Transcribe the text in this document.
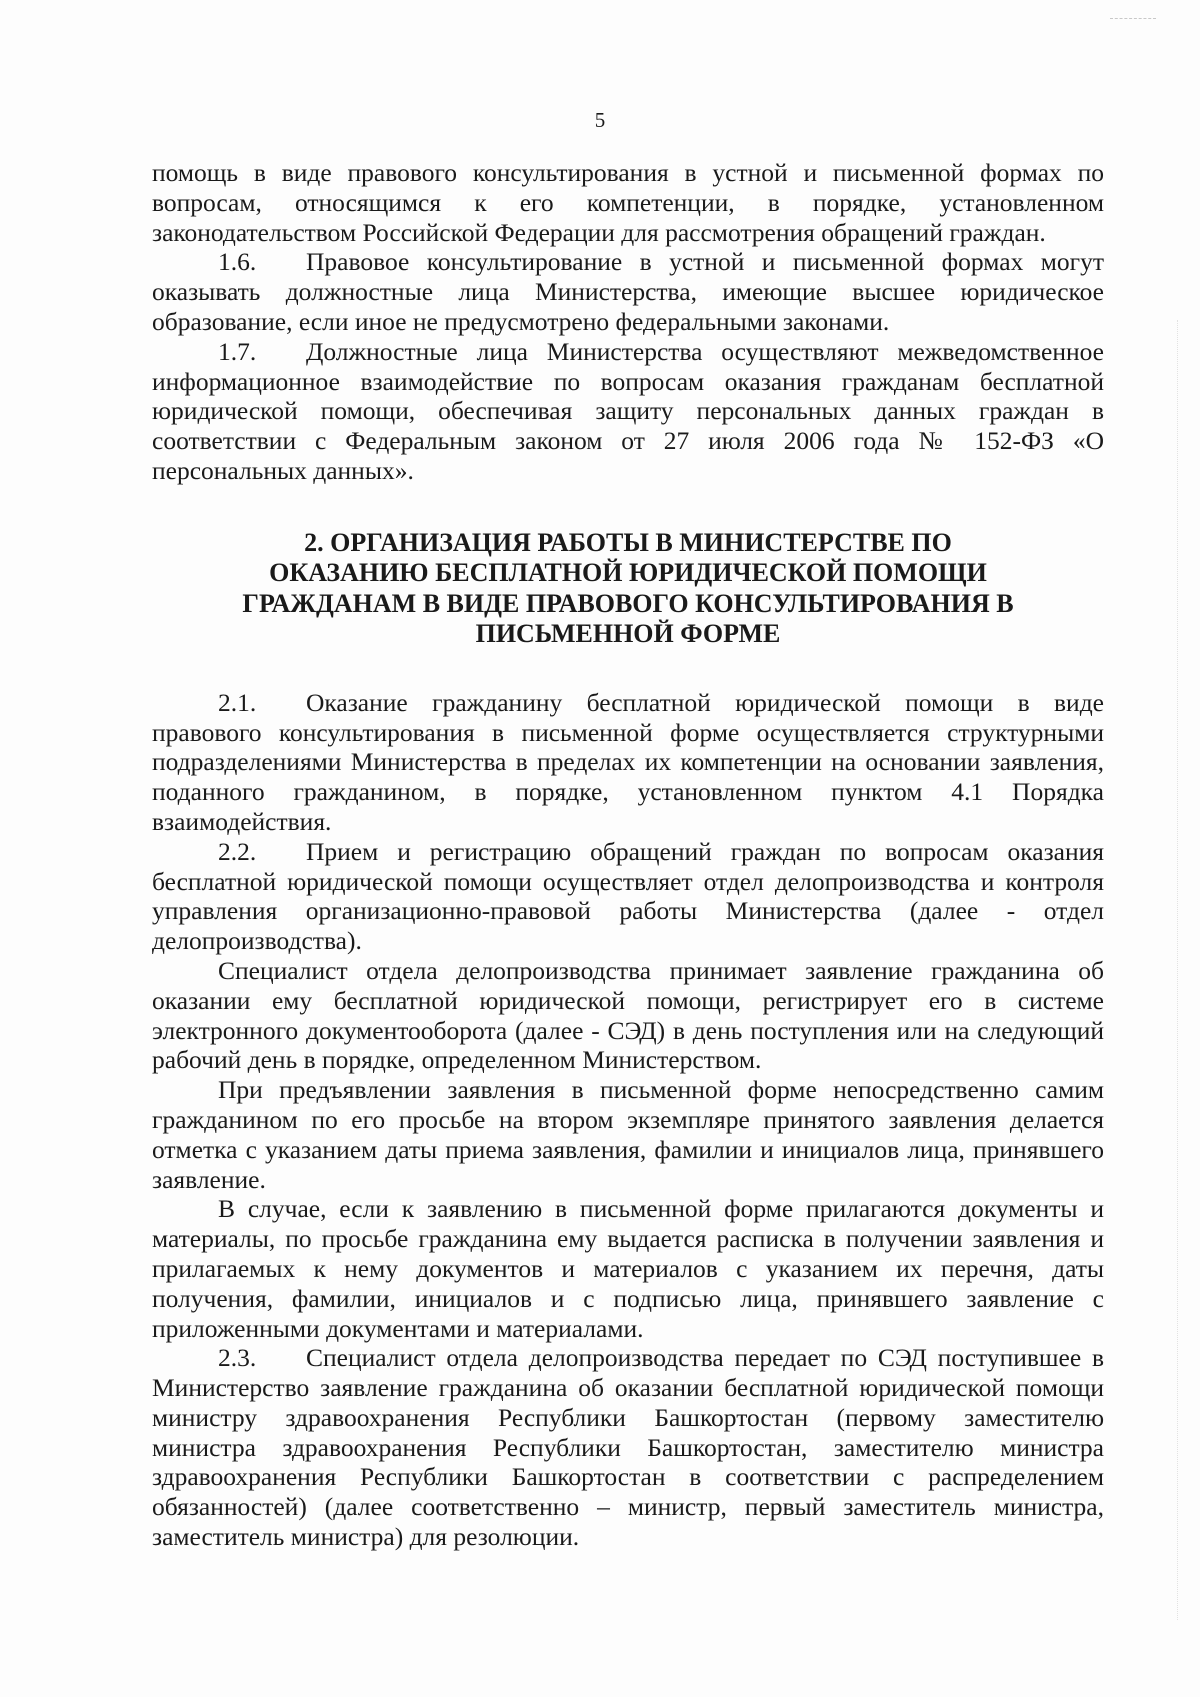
5

помощь в виде правового консультирования в устной и письменной формах по вопросам, относящимся к его компетенции, в порядке, установленном законодательством Российской Федерации для рассмотрения обращений граждан.

1.6. Правовое консультирование в устной и письменной формах могут оказывать должностные лица Министерства, имеющие высшее юридическое образование, если иное не предусмотрено федеральными законами.

1.7. Должностные лица Министерства осуществляют межведомственное информационное взаимодействие по вопросам оказания гражданам бесплатной юридической помощи, обеспечивая защиту персональных данных граждан в соответствии с Федеральным законом от 27 июля 2006 года № 152-ФЗ «О персональных данных».

2. ОРГАНИЗАЦИЯ РАБОТЫ В МИНИСТЕРСТВЕ ПО
ОКАЗАНИЮ БЕСПЛАТНОЙ ЮРИДИЧЕСКОЙ ПОМОЩИ
ГРАЖДАНАМ В ВИДЕ ПРАВОВОГО КОНСУЛЬТИРОВАНИЯ В
ПИСЬМЕННОЙ ФОРМЕ

2.1. Оказание гражданину бесплатной юридической помощи в виде правового консультирования в письменной форме осуществляется структурными подразделениями Министерства в пределах их компетенции на основании заявления, поданного гражданином, в порядке, установленном пунктом 4.1 Порядка взаимодействия.

2.2. Прием и регистрацию обращений граждан по вопросам оказания бесплатной юридической помощи осуществляет отдел делопроизводства и контроля управления организационно-правовой работы Министерства (далее - отдел делопроизводства).

Специалист отдела делопроизводства принимает заявление гражданина об оказании ему бесплатной юридической помощи, регистрирует его в системе электронного документооборота (далее - СЭД) в день поступления или на следующий рабочий день в порядке, определенном Министерством.

При предъявлении заявления в письменной форме непосредственно самим гражданином по его просьбе на втором экземпляре принятого заявления делается отметка с указанием даты приема заявления, фамилии и инициалов лица, принявшего заявление.

В случае, если к заявлению в письменной форме прилагаются документы и материалы, по просьбе гражданина ему выдается расписка в получении заявления и прилагаемых к нему документов и материалов с указанием их перечня, даты получения, фамилии, инициалов и с подписью лица, принявшего заявление с приложенными документами и материалами.

2.3. Специалист отдела делопроизводства передает по СЭД поступившее в Министерство заявление гражданина об оказании бесплатной юридической помощи министру здравоохранения Республики Башкортостан (первому заместителю министра здравоохранения Республики Башкортостан, заместителю министра здравоохранения Республики Башкортостан в соответствии с распределением обязанностей) (далее соответственно – министр, первый заместитель министра, заместитель министра) для резолюции.
